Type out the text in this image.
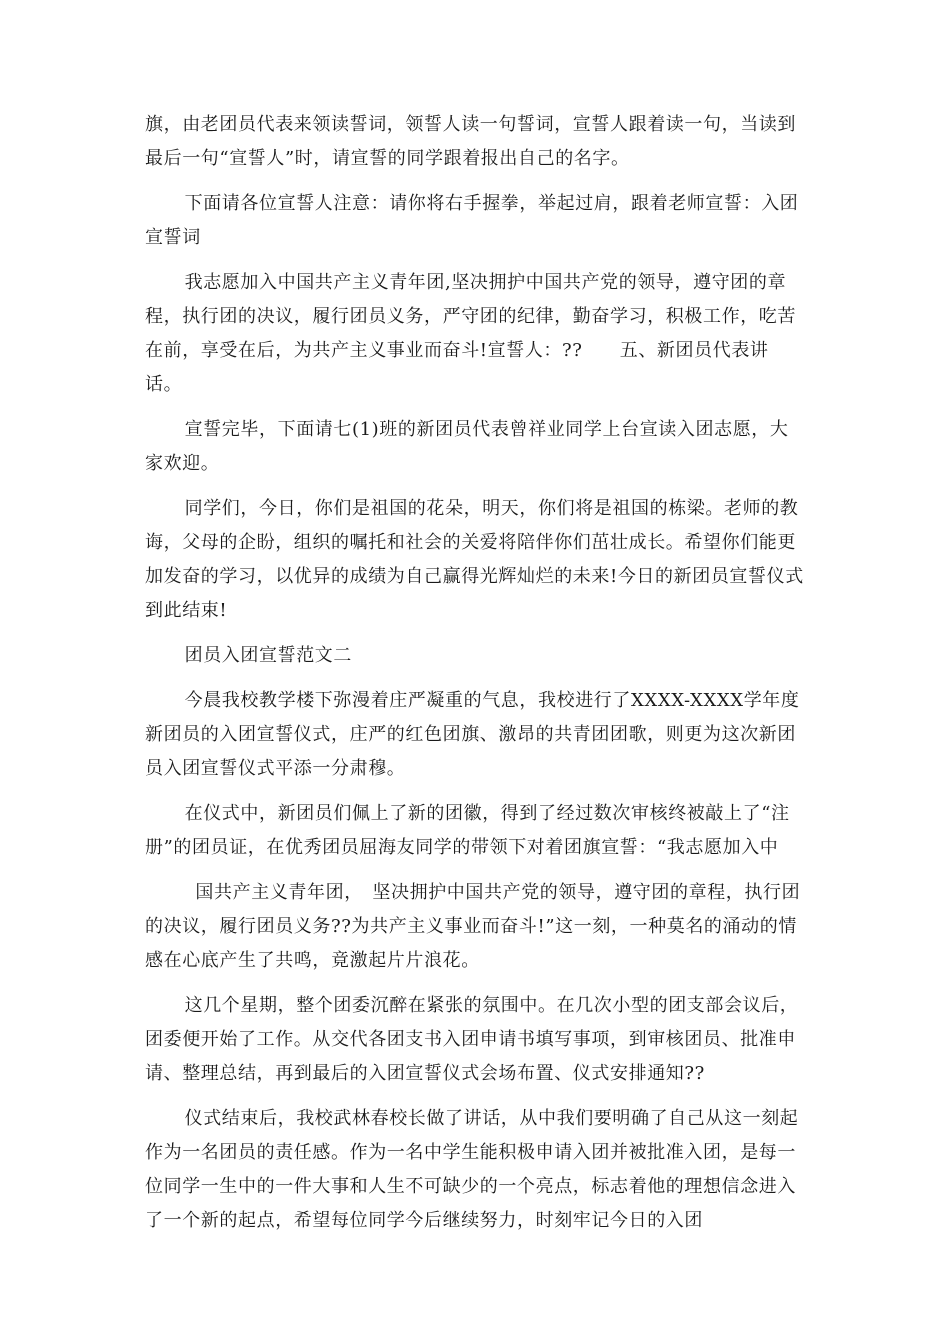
旗，由老团员代表来领读誓词，领誓人读一句誓词，宣誓人跟着读一句，当读到最后一句“宣誓人”时，请宣誓的同学跟着报出自己的名字。

下面请各位宣誓人注意：请你将右手握拳，举起过肩，跟着老师宣誓：入团宣誓词

我志愿加入中国共产主义青年团,坚决拥护中国共产党的领导，遵守团的章程，执行团的决议，履行团员义务，严守团的纪律，勤奋学习，积极工作，吃苦在前，享受在后，为共产主义事业而奋斗!宣誓人：??　　五、新团员代表讲话。

宣誓完毕，下面请七(1)班的新团员代表曾祥业同学上台宣读入团志愿，大家欢迎。

同学们，今日，你们是祖国的花朵，明天，你们将是祖国的栋梁。老师的教诲，父母的企盼，组织的嘱托和社会的关爱将陪伴你们茁壮成长。希望你们能更加发奋的学习，以优异的成绩为自己赢得光辉灿烂的未来!今日的新团员宣誓仪式到此结束!

团员入团宣誓范文二

今晨我校教学楼下弥漫着庄严凝重的气息，我校进行了XXXX-XXXX学年度新团员的入团宣誓仪式，庄严的红色团旗、激昂的共青团团歌，则更为这次新团员入团宣誓仪式平添一分肃穆。

在仪式中，新团员们佩上了新的团徽，得到了经过数次审核终被敲上了“注册”的团员证，在优秀团员屈海友同学的带领下对着团旗宣誓：“我志愿加入中

国共产主义青年团，　坚决拥护中国共产党的领导，遵守团的章程，执行团的决议，履行团员义务??为共产主义事业而奋斗!”这一刻，一种莫名的涌动的情感在心底产生了共鸣，竟激起片片浪花。

这几个星期，整个团委沉醉在紧张的氛围中。在几次小型的团支部会议后，团委便开始了工作。从交代各团支书入团申请书填写事项，到审核团员、批准申请、整理总结，再到最后的入团宣誓仪式会场布置、仪式安排通知??

仪式结束后，我校武林春校长做了讲话，从中我们要明确了自己从这一刻起作为一名团员的责任感。作为一名中学生能积极申请入团并被批准入团，是每一位同学一生中的一件大事和人生不可缺少的一个亮点，标志着他的理想信念进入了一个新的起点，希望每位同学今后继续努力，时刻牢记今日的入团
